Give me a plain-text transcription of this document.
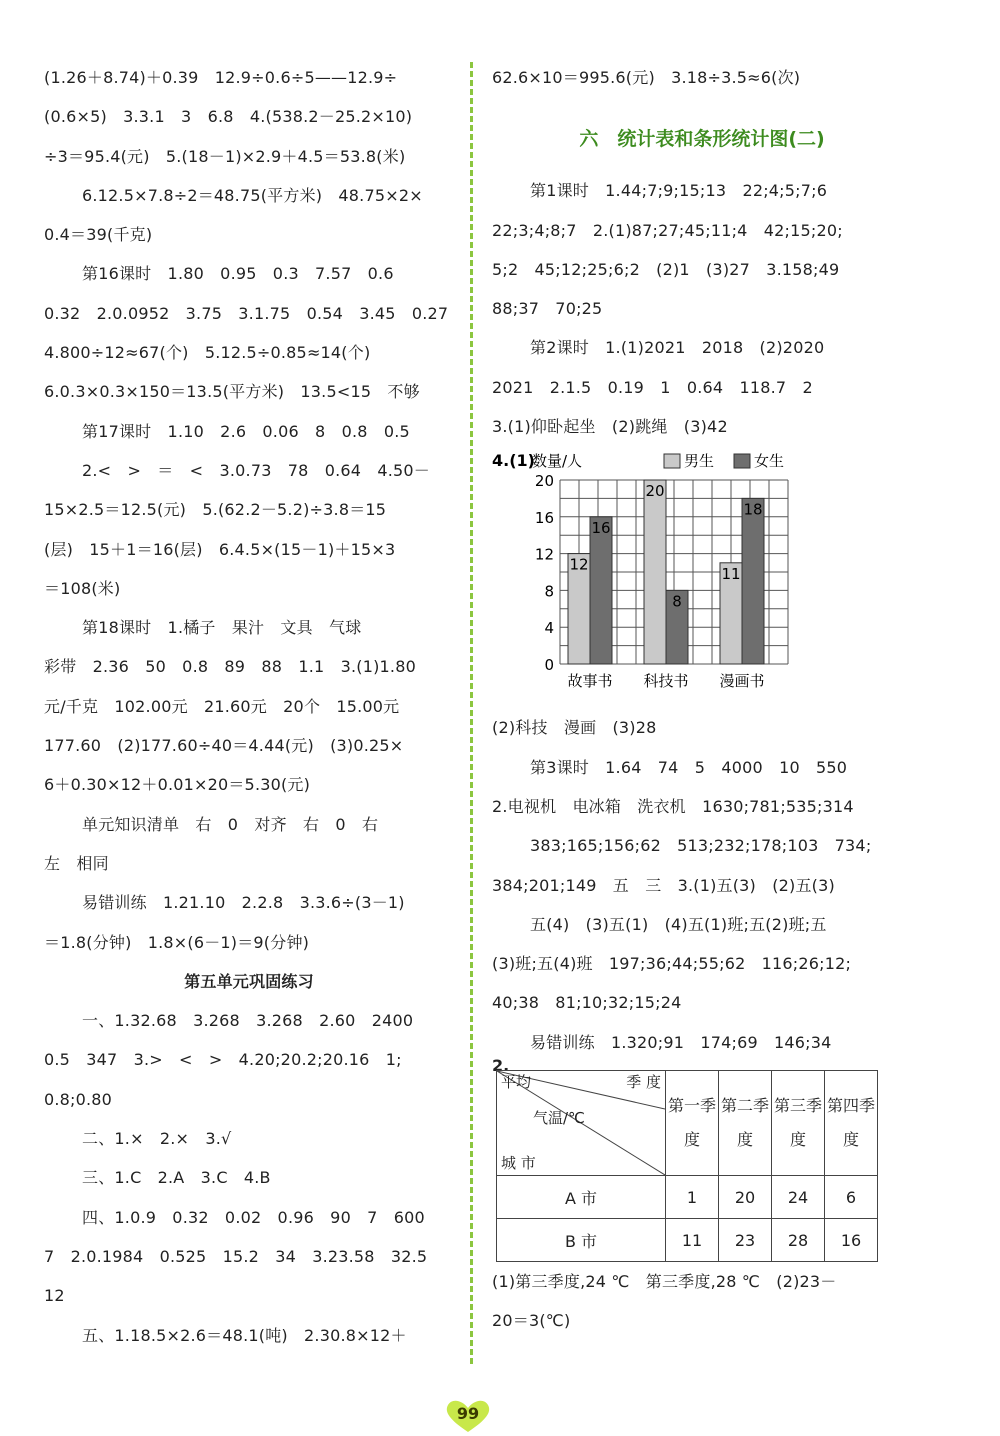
(1.26＋8.74)＋0.39　12.9÷0.6÷5——12.9÷
(0.6×5)　3.3.1　3　6.8　4.(538.2－25.2×10)
÷3＝95.4(元)　5.(18－1)×2.9＋4.5＝53.8(米)
6.12.5×7.8÷2＝48.75(平方米)　48.75×2×
0.4＝39(千克)
第16课时　1.80　0.95　0.3　7.57　0.6
0.32　2.0.0952　3.75　3.1.75　0.54　3.45　0.27
4.800÷12≈67(个)　5.12.5÷0.85≈14(个)
6.0.3×0.3×150＝13.5(平方米)　13.5<15　不够
第17课时　1.10　2.6　0.06　8　0.8　0.5
2.<　>　＝　<　3.0.73　78　0.64　4.50－
15×2.5＝12.5(元)　5.(62.2－5.2)÷3.8＝15
(层)　15＋1＝16(层)　6.4.5×(15－1)＋15×3
＝108(米)
第18课时　1.橘子　果汁　文具　气球
彩带　2.36　50　0.8　89　88　1.1　3.(1)1.80
元/千克　102.00元　21.60元　20个　15.00元
177.60　(2)177.60÷40＝4.44(元)　(3)0.25×
6＋0.30×12＋0.01×20＝5.30(元)
单元知识清单　右　0　对齐　右　0　右
左　相同
易错训练　1.21.10　2.2.8　3.3.6÷(3－1)
＝1.8(分钟)　1.8×(6－1)＝9(分钟)
第五单元巩固练习
一、1.32.68　3.268　3.268　2.60　2400
0.5　347　3.>　<　>　4.20;20.2;20.16　1;
0.8;0.80
二、1.×　2.×　3.√
三、1.C　2.A　3.C　4.B
四、1.0.9　0.32　0.02　0.96　90　7　600
7　2.0.1984　0.525　15.2　34　3.23.58　32.5
12
五、1.18.5×2.6＝48.1(吨)　2.30.8×12＋
62.6×10＝995.6(元)　3.18÷3.5≈6(次)
六　统计表和条形统计图(二)
第1课时　1.44;7;9;15;13　22;4;5;7;6
22;3;4;8;7　2.(1)87;27;45;11;4　42;15;20;
5;2　45;12;25;6;2　(2)1　(3)27　3.158;49
88;37　70;25
第2课时　1.(1)2021　2018　(2)2020
2021　2.1.5　0.19　1　0.64　118.7　2
3.(1)仰卧起坐　(2)跳绳　(3)42
4.(1)
数量/人	男生	女生
0
4
8
12
16
20
12
16
故事书
20
8
科技书
11
18
漫画书
(2)科技　漫画　(3)28
第3课时　1.64　74　5　4000　10　550
2.电视机　电冰箱　洗衣机　1630;781;535;314
383;165;156;62　513;232;178;103　734;
384;201;149　五　三　3.(1)五(3)　(2)五(3)
五(4)　(3)五(1)　(4)五(1)班;五(2)班;五
(3)班;五(4)班　197;36;44;55;62　116;26;12;
40;38　81;10;32;15;24
易错训练　1.320;91　174;69　146;34
2.
平均 季 度
气温/℃
城 市	第一季度	第二季度	第三季度	第四季度
A 市	1	20	24	6
B 市	11	23	28	16
(1)第三季度,24 ℃　第三季度,28 ℃　(2)23－
20＝3(℃)
99
